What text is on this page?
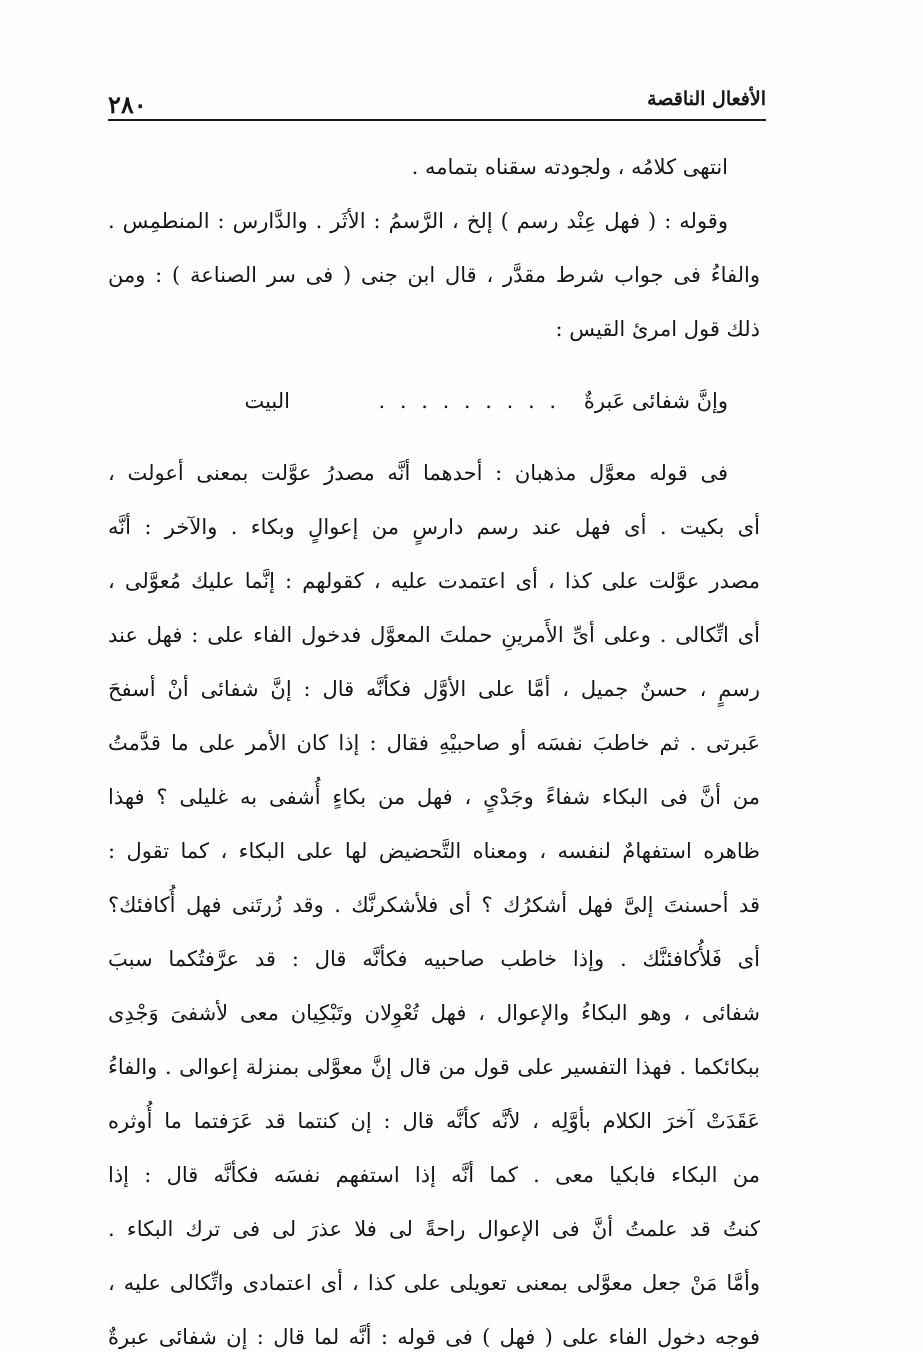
٢٨٠	الأفعال الناقصة
انتهى كلامُه ، ولجودته سقناه بتمامه .
وقوله : ( فهل عِنْد رسم ) إلخ ، الرَّسمُ : الأثَر . والدَّارس : المنطمِس .
والفاءُ فى جواب شرط مقدَّر ، قال ابن جنى ( فى سر الصناعة ) : ومن
ذلك قول امرئ القيس :
وإنَّ شفائى عَبرةٌ
. . . . . . . . .
البيت
فى قوله معوَّل مذهبان : أحدهما أنَّه مصدرُ عوَّلت بمعنى أعولت ،
أى بكيت . أى فهل عند رسم دارسٍ من إعوالٍ وبكاء . والآخر : أنَّه
مصدر عوَّلت على كذا ، أى اعتمدت عليه ، كقولهم : إنَّما عليك مُعوَّلى ،
أى اتِّكالى . وعلى أىِّ الأَمرينِ حملتَ المعوَّل فدخول الفاء على : فهل عند
رسمٍ ، حسنٌ جميل ، أمَّا على الأوَّل فكأنَّه قال : إنَّ شفائى أنْ أسفحَ
عَبرتى . ثم خاطبَ نفسَه أو صاحبيْهِ فقال : إذا كان الأمر على ما قدَّمتُ
من أنَّ فى البكاء شفاءً وجَدْىٍ ، فهل من بكاءٍ أُشفى به غليلى ؟ فهذا
ظاهره استفهامٌ لنفسه ، ومعناه التَّحضيض لها على البكاء ، كما تقول :
قد أحسنتَ إلىَّ فهل أشكرُك ؟ أى فلأشكرنَّك . وقد زُرتَنى فهل أُكافئك؟
أى فَلأُكافئنَّك . وإذا خاطب صاحبيه فكأنَّه قال : قد عرَّفتُكما سببَ
شفائى ، وهو البكاءُ والإعوال ، فهل تُعْوِلان وتَبْكِيان معى لأشفىَ وَجْدِى
ببكائكما . فهذا التفسير على قول من قال إنَّ معوَّلى بمنزلة إعوالى . والفاءُ
عَقَدَتْ آخرَ الكلام بأوَّلِه ، لأنَّه كأنَّه قال : إن كنتما قد عَرَفتما ما أُوثره
من البكاء فابكيا معى . كما أنَّه إذا استفهم نفسَه فكأنَّه قال : إذا
كنتُ قد علمتُ أنَّ فى الإعوال راحةً لى فلا عذرَ لى فى ترك البكاء .
وأمَّا مَنْ جعل معوَّلى بمعنى تعويلى على كذا ، أى اعتمادى واتِّكالى عليه ،
فوجه دخول الفاء على ( فهل ) فى قوله : أنَّه لما قال : إن شفائى عبرةٌ
